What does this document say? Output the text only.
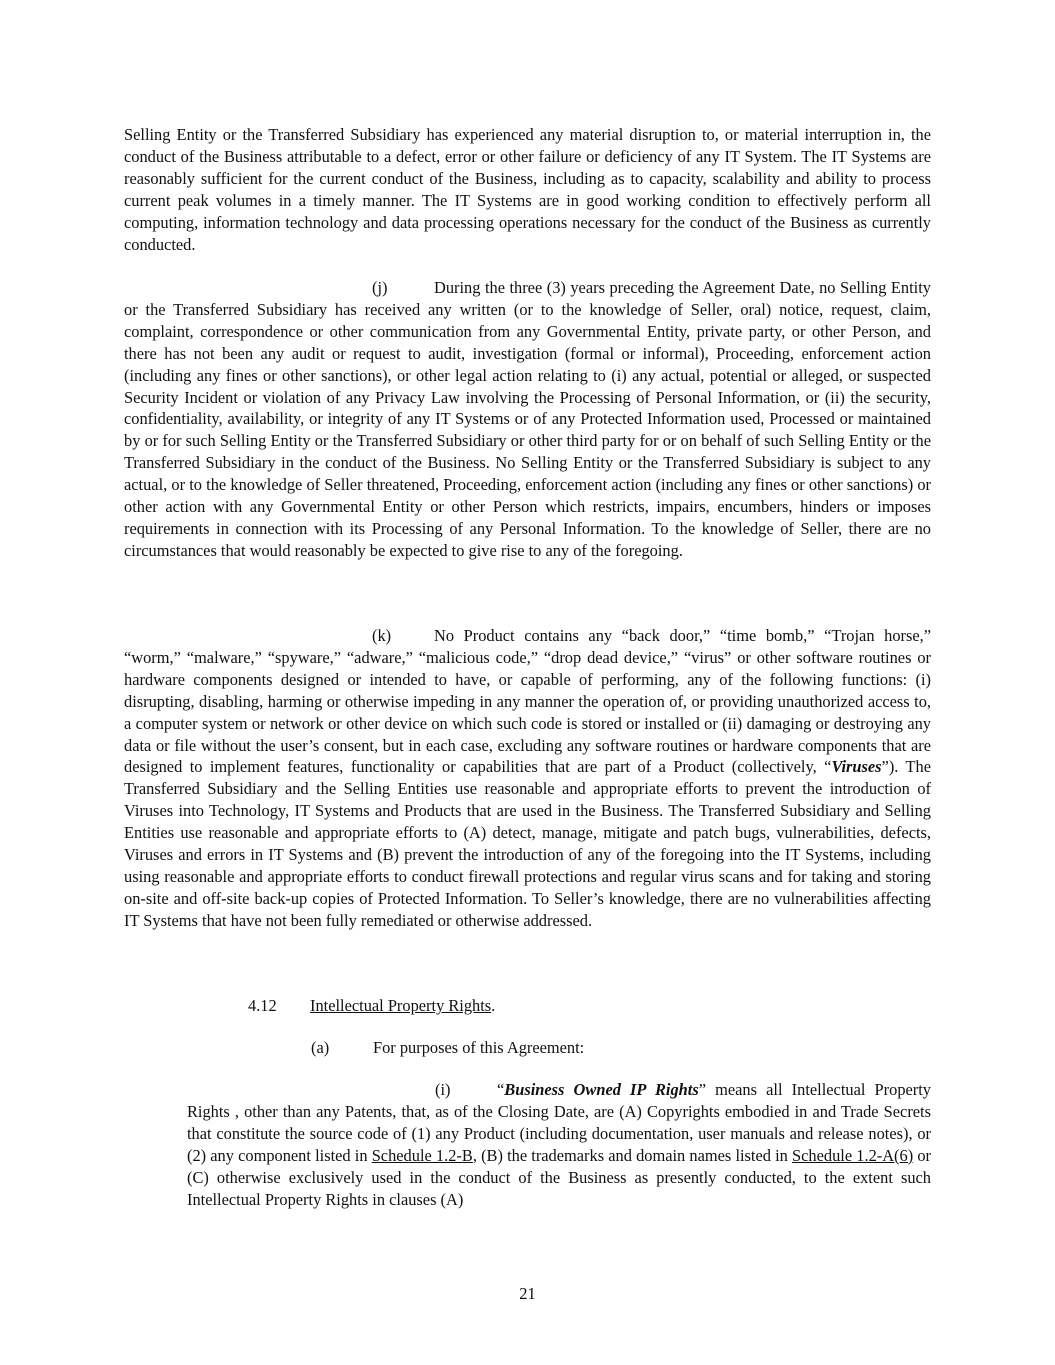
Selling Entity or the Transferred Subsidiary has experienced any material disruption to, or material interruption in, the conduct of the Business attributable to a defect, error or other failure or deficiency of any IT System. The IT Systems are reasonably sufficient for the current conduct of the Business, including as to capacity, scalability and ability to process current peak volumes in a timely manner. The IT Systems are in good working condition to effectively perform all computing, information technology and data processing operations necessary for the conduct of the Business as currently conducted.

(j)	During the three (3) years preceding the Agreement Date, no Selling Entity or the Transferred Subsidiary has received any written (or to the knowledge of Seller, oral) notice, request, claim, complaint, correspondence or other communication from any Governmental Entity, private party, or other Person, and there has not been any audit or request to audit, investigation (formal or informal), Proceeding, enforcement action (including any fines or other sanctions), or other legal action relating to (i) any actual, potential or alleged, or suspected Security Incident or violation of any Privacy Law involving the Processing of Personal Information, or (ii) the security, confidentiality, availability, or integrity of any IT Systems or of any Protected Information used, Processed or maintained by or for such Selling Entity or the Transferred Subsidiary or other third party for or on behalf of such Selling Entity or the Transferred Subsidiary in the conduct of the Business. No Selling Entity or the Transferred Subsidiary is subject to any actual, or to the knowledge of Seller threatened, Proceeding, enforcement action (including any fines or other sanctions) or other action with any Governmental Entity or other Person which restricts, impairs, encumbers, hinders or imposes requirements in connection with its Processing of any Personal Information. To the knowledge of Seller, there are no circumstances that would reasonably be expected to give rise to any of the foregoing.

(k)	No Product contains any “back door,” “time bomb,” “Trojan horse,” “worm,” “malware,” “spyware,” “adware,” “malicious code,” “drop dead device,” “virus” or other software routines or hardware components designed or intended to have, or capable of performing, any of the following functions: (i) disrupting, disabling, harming or otherwise impeding in any manner the operation of, or providing unauthorized access to, a computer system or network or other device on which such code is stored or installed or (ii) damaging or destroying any data or file without the user’s consent, but in each case, excluding any software routines or hardware components that are designed to implement features, functionality or capabilities that are part of a Product (collectively, “Viruses”). The Transferred Subsidiary and the Selling Entities use reasonable and appropriate efforts to prevent the introduction of Viruses into Technology, IT Systems and Products that are used in the Business. The Transferred Subsidiary and Selling Entities use reasonable and appropriate efforts to (A) detect, manage, mitigate and patch bugs, vulnerabilities, defects, Viruses and errors in IT Systems and (B) prevent the introduction of any of the foregoing into the IT Systems, including using reasonable and appropriate efforts to conduct firewall protections and regular virus scans and for taking and storing on-site and off-site back-up copies of Protected Information. To Seller’s knowledge, there are no vulnerabilities affecting IT Systems that have not been fully remediated or otherwise addressed.

4.12 Intellectual Property Rights.

(a)	For purposes of this Agreement:

(i)	“Business Owned IP Rights” means all Intellectual Property Rights , other than any Patents, that, as of the Closing Date, are (A) Copyrights embodied in and Trade Secrets that constitute the source code of (1) any Product (including documentation, user manuals and release notes), or (2) any component listed in Schedule 1.2-B, (B) the trademarks and domain names listed in Schedule 1.2-A(6) or (C) otherwise exclusively used in the conduct of the Business as presently conducted, to the extent such Intellectual Property Rights in clauses (A)

21
